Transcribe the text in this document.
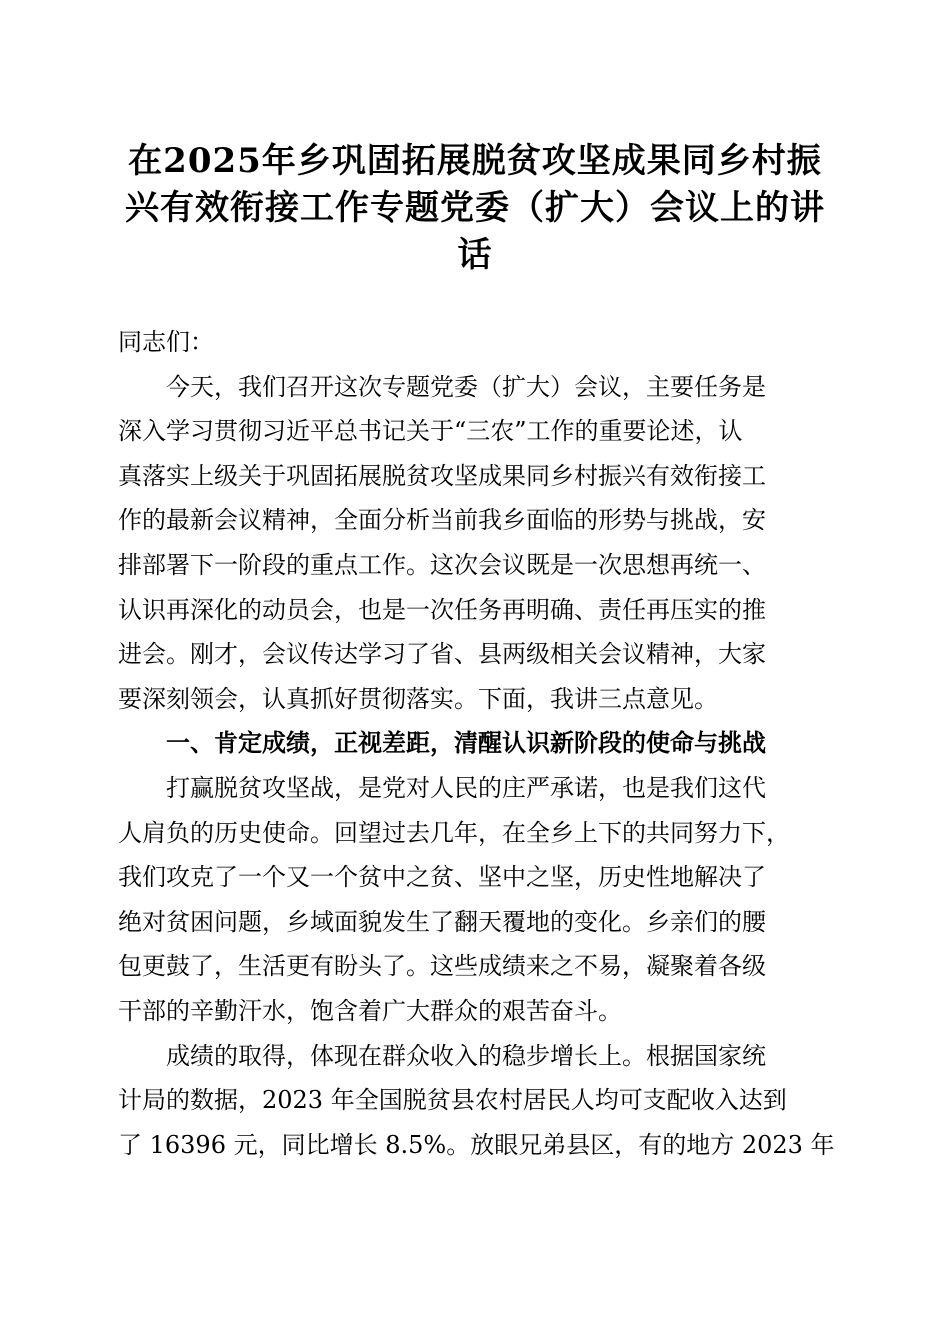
在2025年乡巩固拓展脱贫攻坚成果同乡村振
兴有效衔接工作专题党委（扩大）会议上的讲
话
同志们：
　　今天，我们召开这次专题党委（扩大）会议，主要任务是
深入学习贯彻习近平总书记关于“三农”工作的重要论述，认
真落实上级关于巩固拓展脱贫攻坚成果同乡村振兴有效衔接工
作的最新会议精神，全面分析当前我乡面临的形势与挑战，安
排部署下一阶段的重点工作。这次会议既是一次思想再统一、
认识再深化的动员会，也是一次任务再明确、责任再压实的推
进会。刚才，会议传达学习了省、县两级相关会议精神，大家
要深刻领会，认真抓好贯彻落实。下面，我讲三点意见。
　　一、肯定成绩，正视差距，清醒认识新阶段的使命与挑战
　　打赢脱贫攻坚战，是党对人民的庄严承诺，也是我们这代
人肩负的历史使命。回望过去几年，在全乡上下的共同努力下，
我们攻克了一个又一个贫中之贫、坚中之坚，历史性地解决了
绝对贫困问题，乡域面貌发生了翻天覆地的变化。乡亲们的腰
包更鼓了，生活更有盼头了。这些成绩来之不易，凝聚着各级
干部的辛勤汗水，饱含着广大群众的艰苦奋斗。
　　成绩的取得，体现在群众收入的稳步增长上。根据国家统
计局的数据，2023 年全国脱贫县农村居民人均可支配收入达到
了 16396 元，同比增长 8.5%。放眼兄弟县区，有的地方 2023 年
